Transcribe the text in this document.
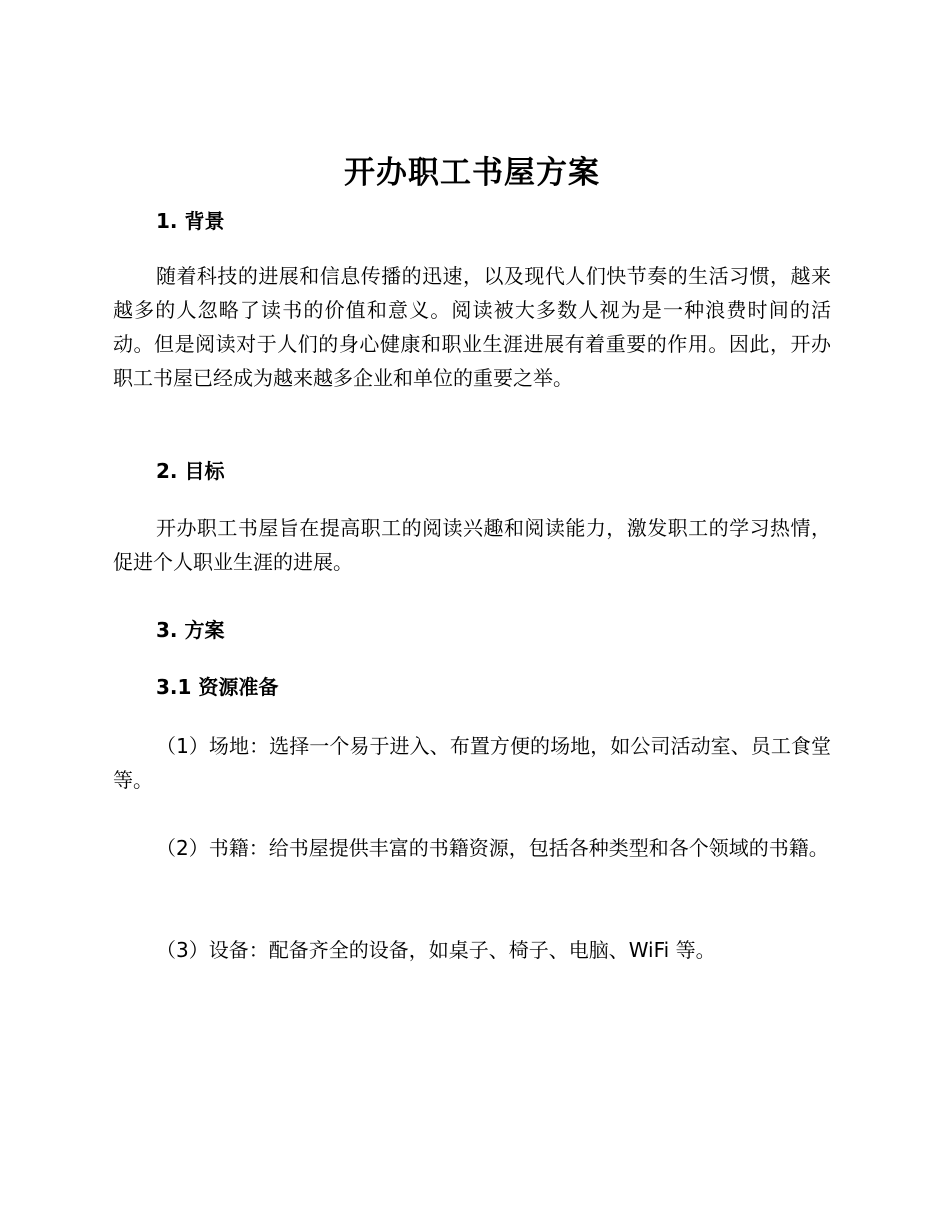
开办职工书屋方案
1. 背景

随着科技的进展和信息传播的迅速，以及现代人们快节奏的生活习惯，越来越多的人忽略了读书的价值和意义。阅读被大多数人视为是一种浪费时间的活动。但是阅读对于人们的身心健康和职业生涯进展有着重要的作用。因此，开办职工书屋已经成为越来越多企业和单位的重要之举。

2. 目标

开办职工书屋旨在提高职工的阅读兴趣和阅读能力，激发职工的学习热情，促进个人职业生涯的进展。

3. 方案
3.1 资源准备

（1）场地：选择一个易于进入、布置方便的场地，如公司活动室、员工食堂等。

（2）书籍：给书屋提供丰富的书籍资源，包括各种类型和各个领域的书籍。

（3）设备：配备齐全的设备，如桌子、椅子、电脑、WiFi 等。
